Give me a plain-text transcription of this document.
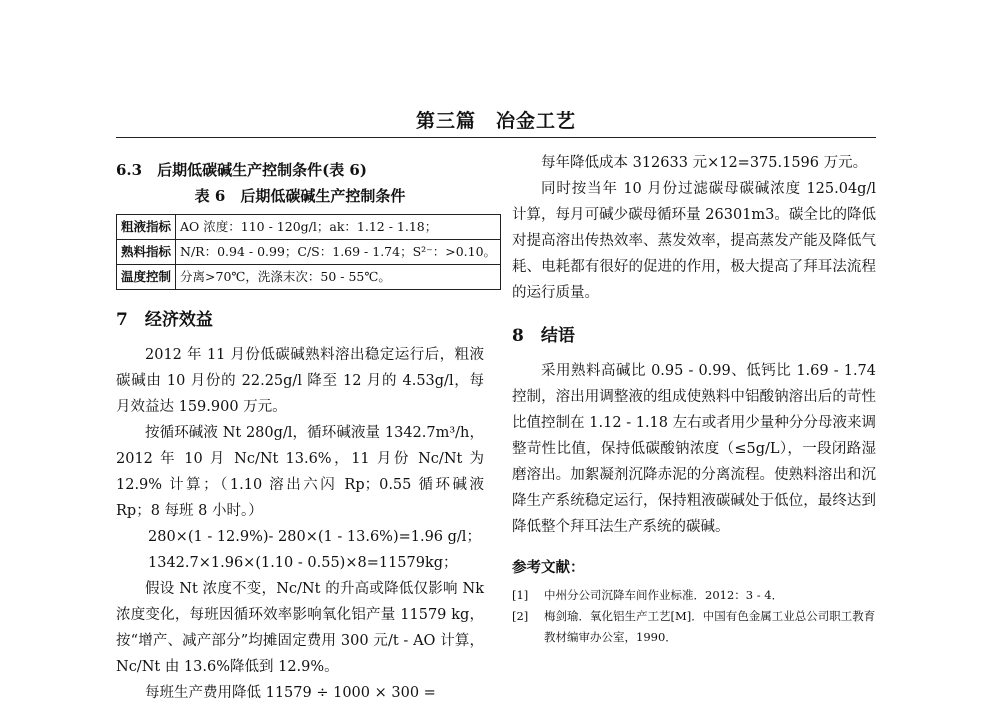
第三篇　冶金工艺
6.3　后期低碳碱生产控制条件(表 6)
表 6　后期低碳碱生产控制条件
粗液指标	AO 浓度：110 - 120g/l；ak：1.12 - 1.18；
熟料指标	N/R：0.94 - 0.99；C/S：1.69 - 1.74；S²⁻：>0.10。
温度控制	分离>70℃，洗涤末次：50 - 55℃。
7　经济效益

2012 年 11 月份低碳碱熟料溶出稳定运行后，粗液碳碱由 10 月份的 22.25g/l 降至 12 月的 4.53g/l，每月效益达 159.900 万元。

按循环碱液 Nt 280g/l，循环碱液量 1342.7m³/h，2012 年 10 月 Nc/Nt 13.6%，11 月份 Nc/Nt 为 12.9% 计算；（1.10 溶出六闪 Rp；0.55 循环碱液 Rp；8 每班 8 小时。）

280×(1 - 12.9%)- 280×(1 - 13.6%)=1.96 g/l；

1342.7×1.96×(1.10 - 0.55)×8=11579kg；

假设 Nt 浓度不变，Nc/Nt 的升高或降低仅影响 Nk 浓度变化，每班因循环效率影响氧化铝产量 11579 kg，按“增产、减产部分”均摊固定费用 300 元/t - AO 计算，Nc/Nt 由 13.6%降低到 12.9%。

每班生产费用降低 11579 ÷ 1000 × 300 =

每年降低成本 312633 元×12=375.1596 万元。

同时按当年 10 月份过滤碳母碳碱浓度 125.04g/l 计算，每月可碱少碳母循环量 26301m3。碳全比的降低对提高溶出传热效率、蒸发效率，提高蒸发产能及降低气耗、电耗都有很好的促进的作用，极大提高了拜耳法流程的运行质量。

8　结语

采用熟料高碱比 0.95 - 0.99、低钙比 1.69 - 1.74 控制，溶出用调整液的组成使熟料中铝酸钠溶出后的苛性比值控制在 1.12 - 1.18 左右或者用少量种分分母液来调整苛性比值，保持低碳酸钠浓度（≤5g/L），一段闭路湿磨溶出。加絮凝剂沉降赤泥的分离流程。使熟料溶出和沉降生产系统稳定运行，保持粗液碳碱处于低位，最终达到降低整个拜耳法生产系统的碳碱。

参考文献：
[1]	中州分公司沉降车间作业标准．2012：3 - 4．
[2]	梅剑瑜．氧化铝生产工艺[M]．中国有色金属工业总公司职工教育教材编审办公室，1990．
